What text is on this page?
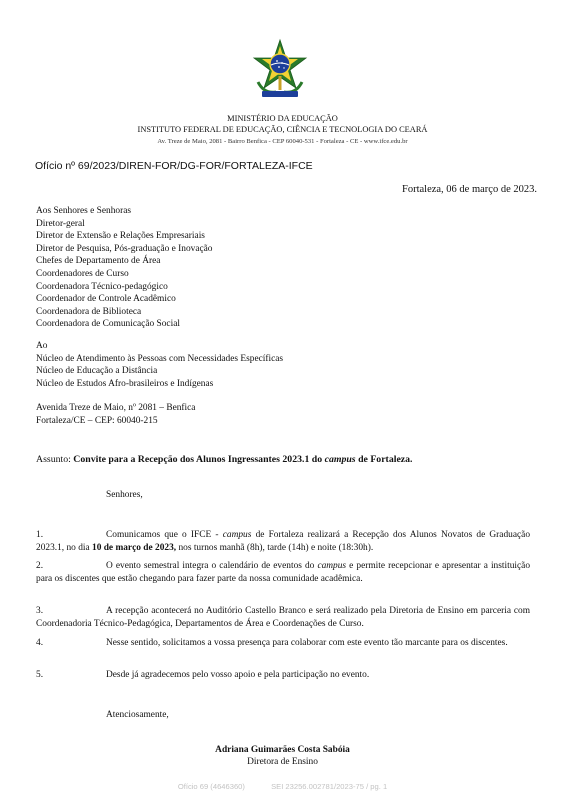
MINISTÉRIO DA EDUCAÇÃO
INSTITUTO FEDERAL DE EDUCAÇÃO, CIÊNCIA E TECNOLOGIA DO CEARÁ
Av. Treze de Maio, 2081 - Bairro Benfica - CEP 60040-531 - Fortaleza - CE - www.ifce.edu.br
Ofício nº 69/2023/DIREN-FOR/DG-FOR/FORTALEZA-IFCE
Fortaleza, 06 de março de 2023.
Aos Senhores e Senhoras
Diretor-geral
Diretor de Extensão e Relações Empresariais
Diretor de Pesquisa, Pós-graduação e Inovação
Chefes de Departamento de Área
Coordenadores de Curso
Coordenadora Técnico-pedagógico
Coordenador de Controle Acadêmico
Coordenadora de Biblioteca
Coordenadora de Comunicação Social
Ao
Núcleo de Atendimento às Pessoas com Necessidades Específicas
Núcleo de Educação a Distância
Núcleo de Estudos Afro-brasileiros e Indígenas
Avenida Treze de Maio, nº 2081 – Benfica
Fortaleza/CE – CEP: 60040-215
Assunto: Convite para a Recepção dos Alunos Ingressantes 2023.1 do campus de Fortaleza.
Senhores,
1.	Comunicamos que o IFCE - campus de Fortaleza realizará a Recepção dos Alunos Novatos de Graduação 2023.1, no dia 10 de março de 2023, nos turnos manhã (8h), tarde (14h) e noite (18:30h).
2.	O evento semestral integra o calendário de eventos do campus e permite recepcionar e apresentar a instituição para os discentes que estão chegando para fazer parte da nossa comunidade acadêmica.
3.	A recepção acontecerá no Auditório Castello Branco e será realizado pela Diretoria de Ensino em parceria com Coordenadoria Técnico-Pedagógica, Departamentos de Área e Coordenações de Curso.
4.	Nesse sentido, solicitamos a vossa presença para colaborar com este evento tão marcante para os discentes.
5.	Desde já agradecemos pelo vosso apoio e pela participação no evento.
Atenciosamente,
Adriana Guimarães Costa Sabóia
Diretora de Ensino
Ofício 69 (4646360)	SEI 23256.002781/2023-75 / pg. 1
